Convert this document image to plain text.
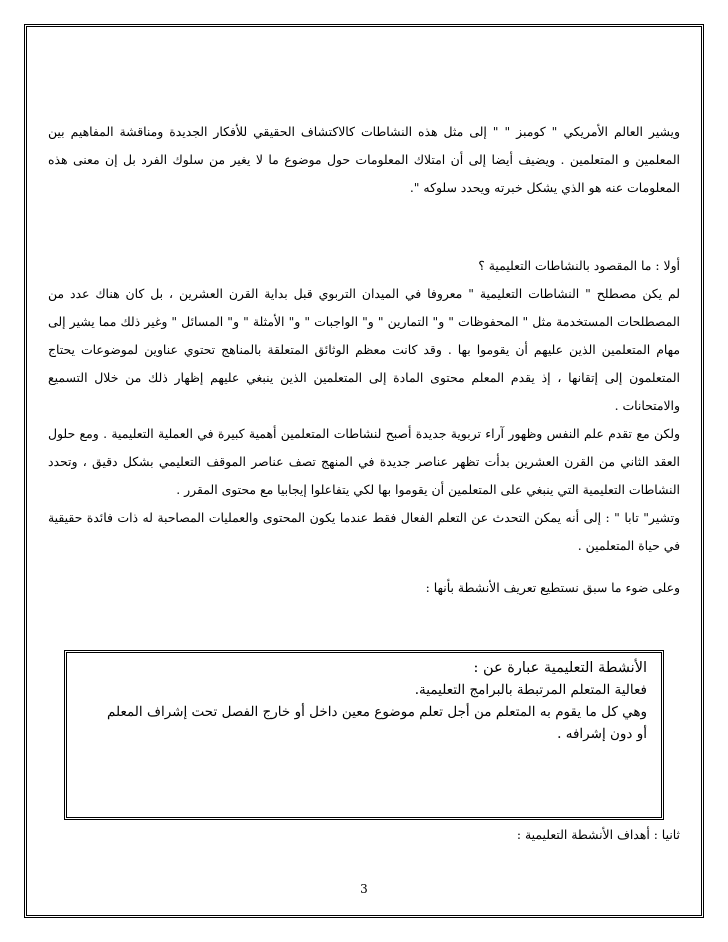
ويشير العالم الأمريكي " كومبز " " إلى مثل هذه النشاطات كالاكتشاف الحقيقي للأفكار الجديدة ومناقشة المفاهيم بين المعلمين و المتعلمين . ويضيف أيضا إلى أن امتلاك المعلومات حول موضوع ما لا يغير من سلوك الفرد بل إن معنى هذه المعلومات عنه هو الذي يشكل خبرته ويحدد سلوكه ".

أولا : ما المقصود بالنشاطات التعليمية ؟

لم يكن مصطلح " النشاطات التعليمية " معروفا في الميدان التربوي قبل بداية القرن العشرين ، بل كان هناك عدد من المصطلحات المستخدمة مثل " المحفوظات " و" التمارين " و" الواجبات " و" الأمثلة " و" المسائل " وغير ذلك مما يشير إلى مهام المتعلمين الذين عليهم أن يقوموا بها . وقد كانت معظم الوثائق المتعلقة بالمناهج تحتوي عناوين لموضوعات يحتاج المتعلمون إلى إتقانها ، إذ يقدم المعلم محتوى المادة إلى المتعلمين الذين ينبغي عليهم إظهار ذلك من خلال التسميع والامتحانات .

ولكن مع تقدم علم النفس وظهور آراء تربوية جديدة أصبح لنشاطات المتعلمين أهمية كبيرة في العملية التعليمية . ومع حلول العقد الثاني من القرن العشرين بدأت تظهر عناصر جديدة في المنهج تصف عناصر الموقف التعليمي بشكل دقيق ، وتحدد النشاطات التعليمية التي ينبغي على المتعلمين أن يقوموا بها لكي يتفاعلوا إيجابيا مع محتوى المقرر .

وتشير" تابا " : إلى أنه يمكن التحدث عن التعلم الفعال فقط عندما يكون المحتوى والعمليات المصاحبة له ذات فائدة حقيقية في حياة المتعلمين .

وعلى ضوء ما سبق نستطيع تعريف الأنشطة بأنها :

الأنشطة التعليمية عبارة عن :
فعالية المتعلم المرتبطة بالبرامج التعليمية.
وهي كل ما يقوم به المتعلم من أجل تعلم موضوع معين داخل أو خارج الفصل تحت إشراف المعلم أو دون إشرافه .
ثانيا : أهداف الأنشطة التعليمية :
3
